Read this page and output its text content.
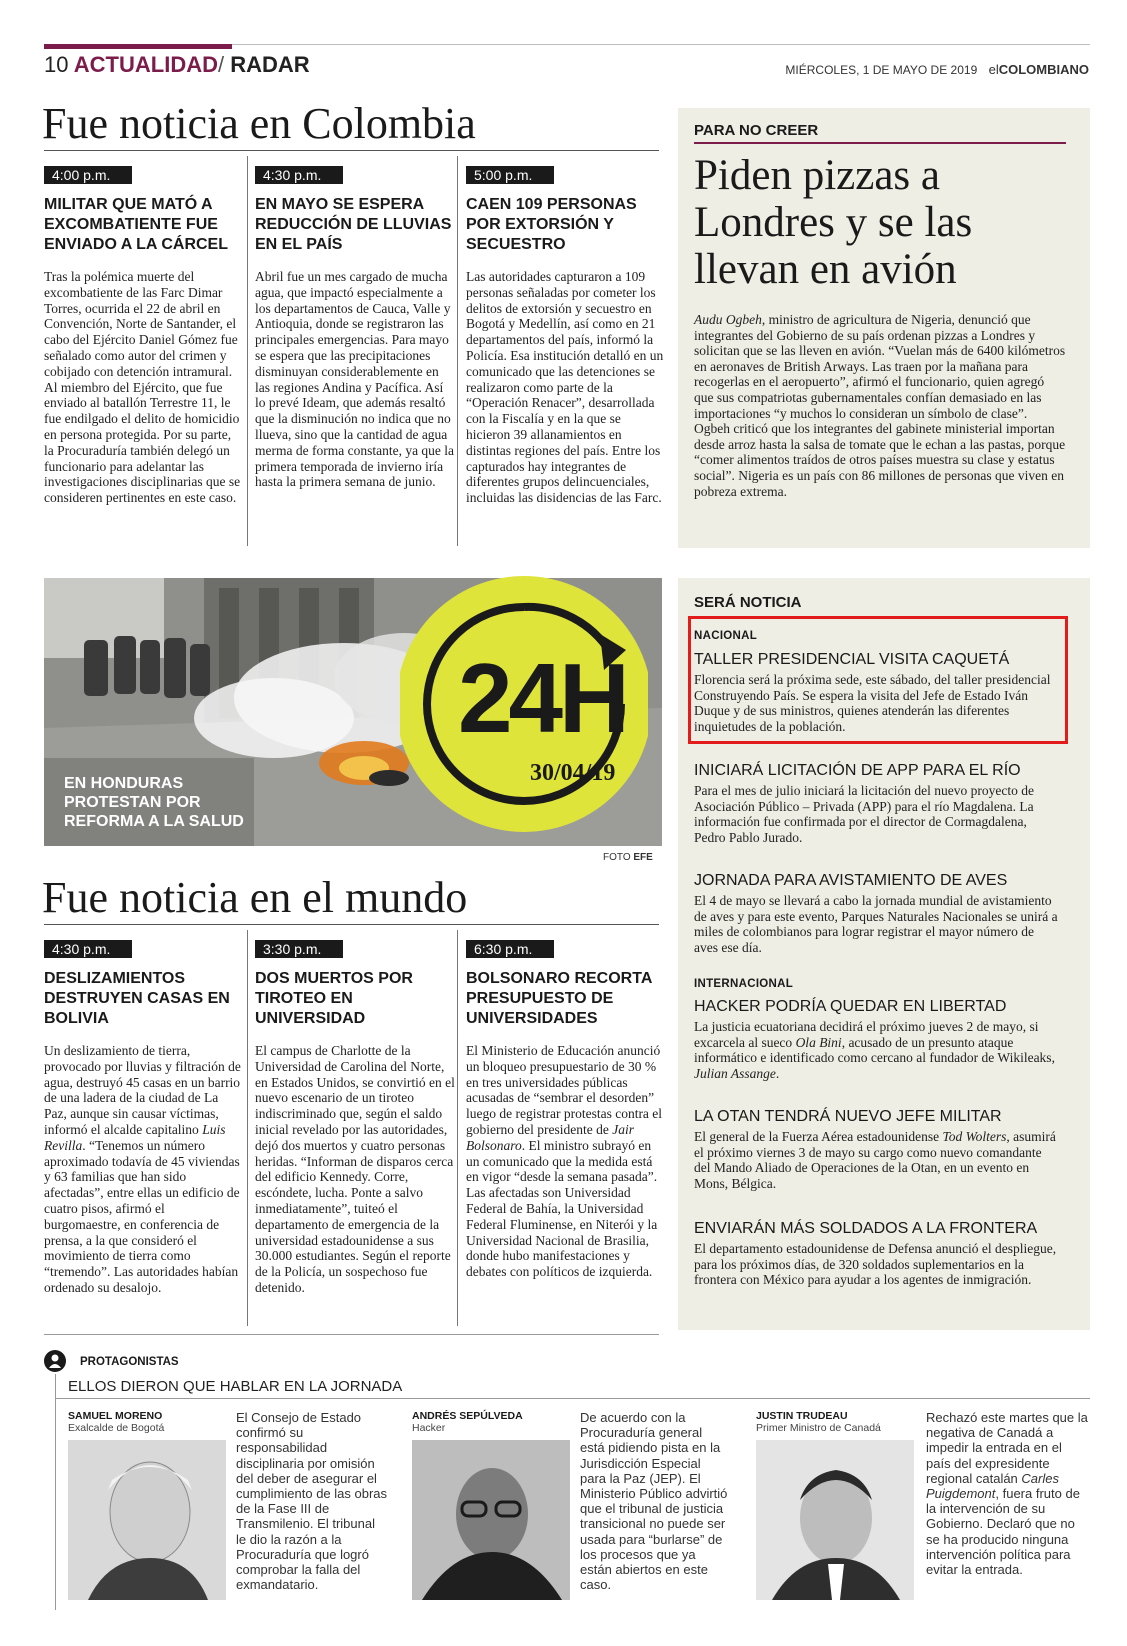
10 ACTUALIDAD/ RADAR	MIÉRCOLES, 1 DE MAYO DE 2019 elCOLOMBIANO
Fue noticia en Colombia
4:00 p.m.
MILITAR QUE MATÓ A EXCOMBATIENTE FUE ENVIADO A LA CÁRCEL
Tras la polémica muerte del excombatiente de las Farc Dimar Torres, ocurrida el 22 de abril en Convención, Norte de Santander, el cabo del Ejército Daniel Gómez fue señalado como autor del crimen y cobijado con detención intramural. Al miembro del Ejército, que fue enviado al batallón Terrestre 11, le fue endilgado el delito de homicidio en persona protegida. Por su parte, la Procuraduría también delegó un funcionario para adelantar las investigaciones disciplinarias que se consideren pertinentes en este caso.
4:30 p.m.
EN MAYO SE ESPERA REDUCCIÓN DE LLUVIAS EN EL PAÍS
Abril fue un mes cargado de mucha agua, que impactó especialmente a los departamentos de Cauca, Valle y Antioquia, donde se registraron las principales emergencias. Para mayo se espera que las precipitaciones disminuyan considerablemente en las regiones Andina y Pacífica. Así lo prevé Ideam, que además resaltó que la disminución no indica que no llueva, sino que la cantidad de agua merma de forma constante, ya que la primera temporada de invierno iría hasta la primera semana de junio.
5:00 p.m.
CAEN 109 PERSONAS POR EXTORSIÓN Y SECUESTRO
Las autoridades capturaron a 109 personas señaladas por cometer los delitos de extorsión y secuestro en Bogotá y Medellín, así como en 21 departamentos del país, informó la Policía. Esa institución detalló en un comunicado que las detenciones se realizaron como parte de la “Operación Renacer”, desarrollada con la Fiscalía y en la que se hicieron 39 allanamientos en distintas regiones del país. Entre los capturados hay integrantes de diferentes grupos delincuenciales, incluidas las disidencias de las Farc.
PARA NO CREER
Piden pizzas a Londres y se las llevan en avión
Audu Ogbeh, ministro de agricultura de Nigeria, denunció que integrantes del Gobierno de su país ordenan pizzas a Londres y solicitan que se las lleven en avión. “Vuelan más de 6400 kilómetros en aeronaves de British Arways. Las traen por la mañana para recogerlas en el aeropuerto”, afirmó el funcionario, quien agregó que sus compatriotas gubernamentales confían demasiado en las importaciones “y muchos lo consideran un símbolo de clase”. Ogbeh criticó que los integrantes del gabinete ministerial importan desde arroz hasta la salsa de tomate que le echan a las pastas, porque “comer alimentos traídos de otros países muestra su clase y estatus social”. Nigeria es un país con 86 millones de personas que viven en pobreza extrema.
EN HONDURAS PROTESTAN POR REFORMA A LA SALUD
24H
30/04/19
FOTO EFE
SERÁ NOTICIA
NACIONAL
TALLER PRESIDENCIAL VISITA CAQUETÁ
Florencia será la próxima sede, este sábado, del taller presidencial Construyendo País. Se espera la visita del Jefe de Estado Iván Duque y de sus ministros, quienes atenderán las diferentes inquietudes de la población.
INICIARÁ LICITACIÓN DE APP PARA EL RÍO
Para el mes de julio iniciará la licitación del nuevo proyecto de Asociación Público – Privada (APP) para el río Magdalena. La información fue confirmada por el director de Cormagdalena, Pedro Pablo Jurado.
JORNADA PARA AVISTAMIENTO DE AVES
El 4 de mayo se llevará a cabo la jornada mundial de avistamiento de aves y para este evento, Parques Naturales Nacionales se unirá a miles de colombianos para lograr registrar el mayor número de aves ese día.
INTERNACIONAL
HACKER PODRÍA QUEDAR EN LIBERTAD
La justicia ecuatoriana decidirá el próximo jueves 2 de mayo, si excarcela al sueco Ola Bini, acusado de un presunto ataque informático e identificado como cercano al fundador de Wikileaks, Julian Assange.
LA OTAN TENDRÁ NUEVO JEFE MILITAR
El general de la Fuerza Aérea estadounidense Tod Wolters, asumirá el próximo viernes 3 de mayo su cargo como nuevo comandante del Mando Aliado de Operaciones de la Otan, en un evento en Mons, Bélgica.
ENVIARÁN MÁS SOLDADOS A LA FRONTERA
El departamento estadounidense de Defensa anunció el despliegue, para los próximos días, de 320 soldados suplementarios en la frontera con México para ayudar a los agentes de inmigración.
Fue noticia en el mundo
4:30 p.m.
DESLIZAMIENTOS DESTRUYEN CASAS EN BOLIVIA
Un deslizamiento de tierra, provocado por lluvias y filtración de agua, destruyó 45 casas en un barrio de una ladera de la ciudad de La Paz, aunque sin causar víctimas, informó el alcalde capitalino Luis Revilla. “Tenemos un número aproximado todavía de 45 viviendas y 63 familias que han sido afectadas”, entre ellas un edificio de cuatro pisos, afirmó el burgomaestre, en conferencia de prensa, a la que consideró el movimiento de tierra como “tremendo”. Las autoridades habían ordenado su desalojo.
3:30 p.m.
DOS MUERTOS POR TIROTEO EN UNIVERSIDAD
El campus de Charlotte de la Universidad de Carolina del Norte, en Estados Unidos, se convirtió en el nuevo escenario de un tiroteo indiscriminado que, según el saldo inicial revelado por las autoridades, dejó dos muertos y cuatro personas heridas. “Informan de disparos cerca del edificio Kennedy. Corre, escóndete, lucha. Ponte a salvo inmediatamente”, tuiteó el departamento de emergencia de la universidad estadounidense a sus 30.000 estudiantes. Según el reporte de la Policía, un sospechoso fue detenido.
6:30 p.m.
BOLSONARO RECORTA PRESUPUESTO DE UNIVERSIDADES
El Ministerio de Educación anunció un bloqueo presupuestario de 30 % en tres universidades públicas acusadas de “sembrar el desorden” luego de registrar protestas contra el gobierno del presidente de Jair Bolsonaro. El ministro subrayó en un comunicado que la medida está en vigor “desde la semana pasada”. Las afectadas son Universidad Federal de Bahía, la Universidad Federal Fluminense, en Niterói y la Universidad Nacional de Brasilia, donde hubo manifestaciones y debates con políticos de izquierda.
PROTAGONISTAS
ELLOS DIERON QUE HABLAR EN LA JORNADA
SAMUEL MORENO
Exalcalde de Bogotá
El Consejo de Estado confirmó su responsabilidad disciplinaria por omisión del deber de asegurar el cumplimiento de las obras de la Fase III de Transmilenio. El tribunal le dio la razón a la Procuraduría que logró comprobar la falla del exmandatario.
ANDRÉS SEPÚLVEDA
Hacker
De acuerdo con la Procuraduría general está pidiendo pista en la Jurisdicción Especial para la Paz (JEP). El Ministerio Público advirtió que el tribunal de justicia transicional no puede ser usada para “burlarse” de los procesos que ya están abiertos en este caso.
JUSTIN TRUDEAU
Primer Ministro de Canadá
Rechazó este martes que la negativa de Canadá a impedir la entrada en el país del expresidente regional catalán Carles Puigdemont, fuera fruto de la intervención de su Gobierno. Declaró que no se ha producido ninguna intervención política para evitar la entrada.
